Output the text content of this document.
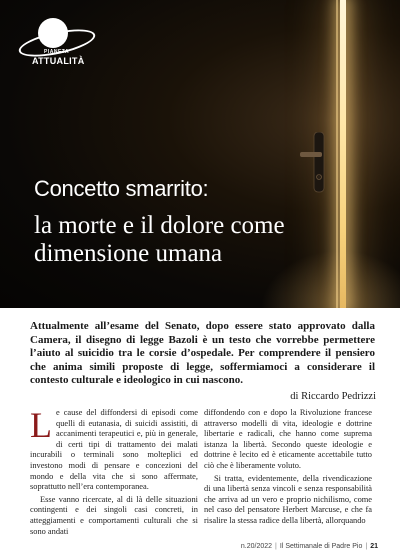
PIANETA
ATTUALITÀ
Concetto smarrito:
la morte e il dolore come dimensione umana
Attualmente all’esame del Senato, dopo essere stato approvato dalla Camera, il disegno di legge Bazoli è un testo che vorrebbe permettere l’aiuto al suicidio tra le corsie d’ospedale. Per comprendere il pensiero che anima simili proposte di legge, soffermiamoci a considerare il contesto culturale e ideologico in cui nascono.
di Riccardo Pedrizzi

Le cause del diffondersi di episodi come quelli di eutanasia, di suicidi assistiti, di accanimenti terapeutici e, più in generale, di certi tipi di trattamento dei malati incurabili o terminali sono molteplici ed investono modi di pensare e concezioni del mondo e della vita che si sono affermate, soprattutto nell’era contemporanea.

Esse vanno ricercate, al di là delle situazioni contingenti e dei singoli casi concreti, in atteggiamenti e comportamenti culturali che si sono andati

diffondendo con e dopo la Rivoluzione francese attraverso modelli di vita, ideologie e dottrine libertarie e radicali, che hanno come suprema istanza la libertà. Secondo queste ideologie e dottrine è lecito ed è eticamente accettabile tutto ciò che è liberamente voluto.

Si tratta, evidentemente, della rivendicazione di una libertà senza vincoli e senza responsabilità che arriva ad un vero e proprio nichilismo, come nel caso del pensatore Herbert Marcuse, e che fa risalire la stessa radice della libertà, allorquando

n.20/2022 | Il Settimanale di Padre Pio | 21
